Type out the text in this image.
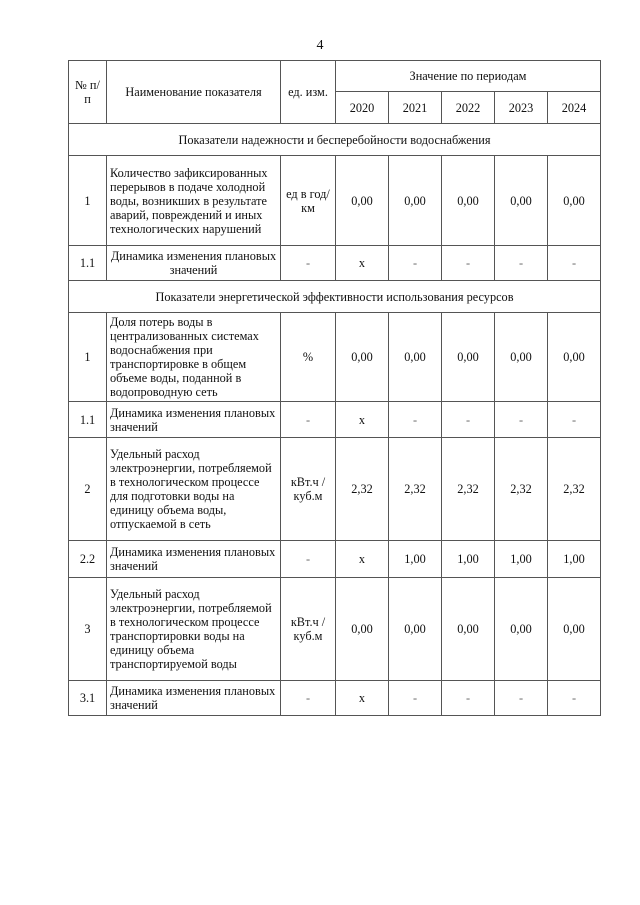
4
№ п/п	Наименование показателя	ед. изм.	Значение по периодам				
			2020	2021	2022	2023	2024
Показатели надежности и бесперебойности водоснабжения							
1	Количество зафиксированных перерывов в подаче холодной воды, возникших в результате аварий, повреждений и иных технологических нарушений	ед в год/ км	0,00	0,00	0,00	0,00	0,00
1.1	Динамика изменения плановых значений	-	x	-	-	-	-
Показатели энергетической эффективности использования ресурсов							
1	Доля потерь воды в централизованных системах водоснабжения при транспортировке в общем объеме воды, поданной в водопроводную сеть	%	0,00	0,00	0,00	0,00	0,00
1.1	Динамика изменения плановых значений	-	x	-	-	-	-
2	Удельный расход электроэнергии, потребляемой в технологическом процессе для подготовки воды на единицу объема воды, отпускаемой в сеть	кВт.ч / куб.м	2,32	2,32	2,32	2,32	2,32
2.2	Динамика изменения плановых значений	-	x	1,00	1,00	1,00	1,00
3	Удельный расход электроэнергии, потребляемой в технологическом процессе транспортировки воды на единицу объема транспортируемой воды	кВт.ч / куб.м	0,00	0,00	0,00	0,00	0,00
3.1	Динамика изменения плановых значений	-	x	-	-	-	-
